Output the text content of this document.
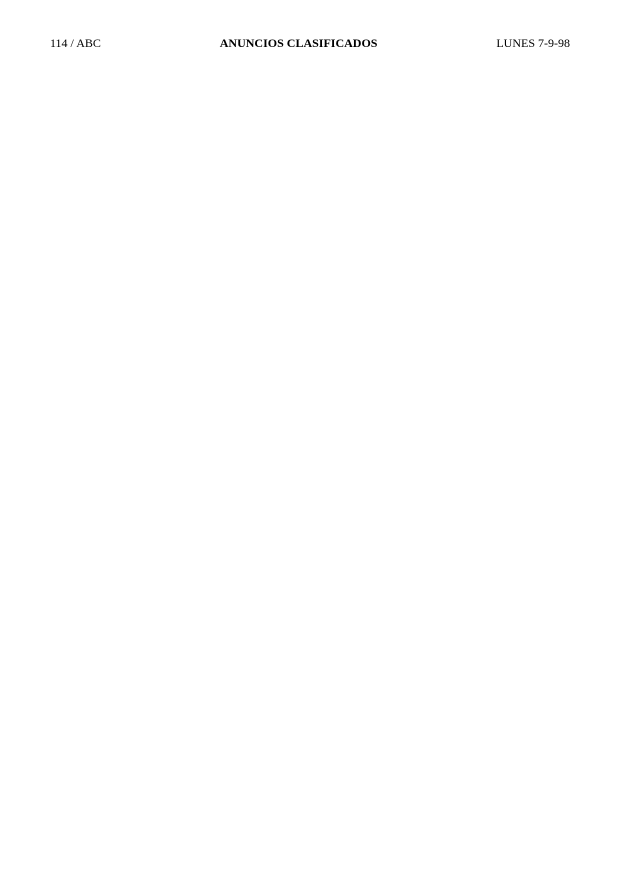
114 / ABC	ANUNCIOS CLASIFICADOS	LUNES 7-9-98
